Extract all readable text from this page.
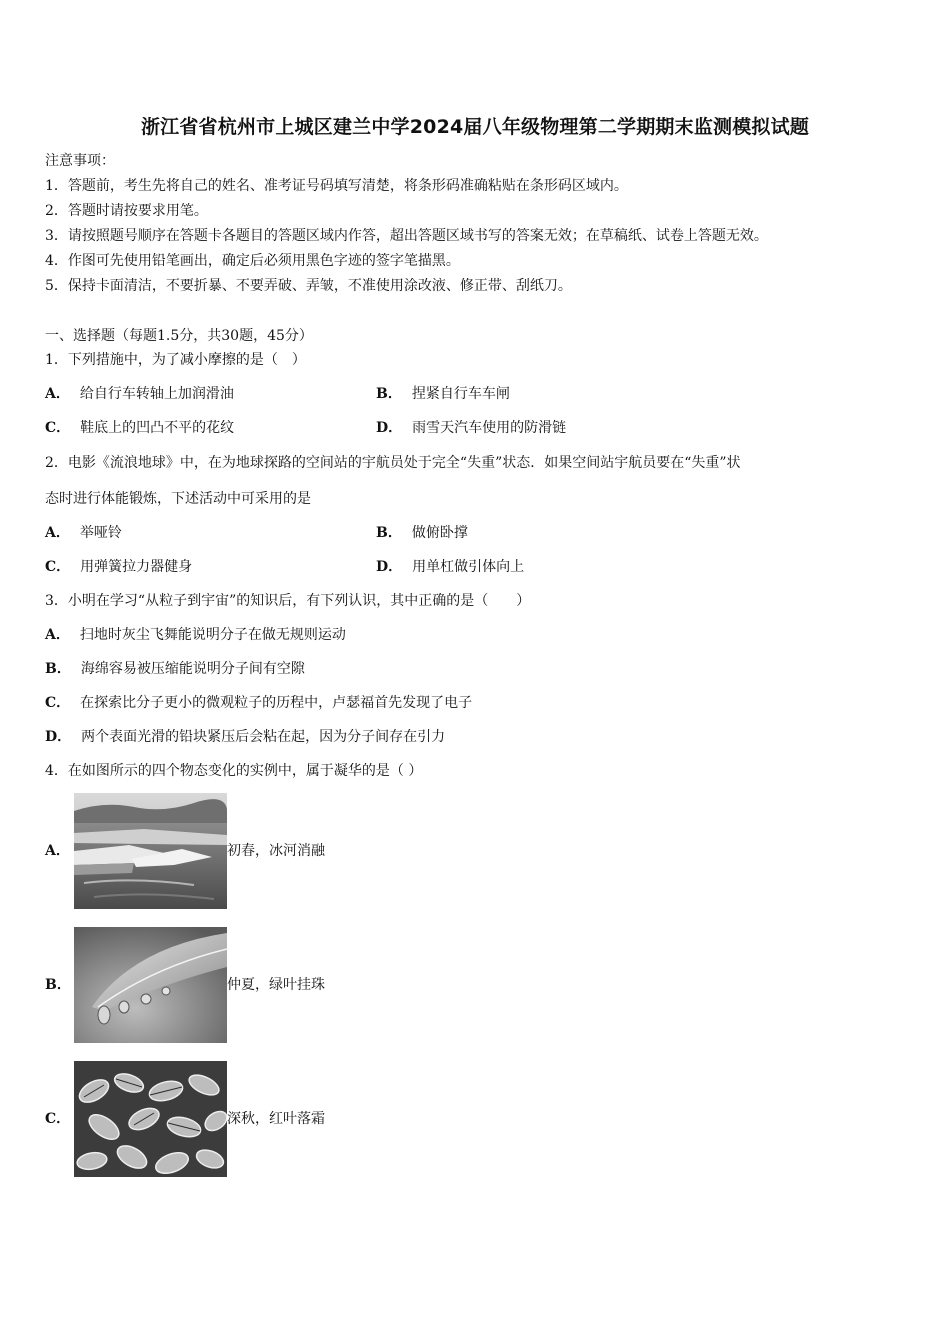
浙江省省杭州市上城区建兰中学2024届八年级物理第二学期期末监测模拟试题
注意事项：
1．答题前，考生先将自己的姓名、准考证号码填写清楚，将条形码准确粘贴在条形码区域内。
2．答题时请按要求用笔。
3．请按照题号顺序在答题卡各题目的答题区域内作答，超出答题区域书写的答案无效；在草稿纸、试卷上答题无效。
4．作图可先使用铅笔画出，确定后必须用黑色字迹的签字笔描黑。
5．保持卡面清洁，不要折暴、不要弄破、弄皱，不准使用涂改液、修正带、刮纸刀。
一、选择题（每题1.5分，共30题，45分）
1．下列措施中，为了减小摩擦的是（　）
A． 给自行车转轴上加润滑油	B． 捏紧自行车车闸
C． 鞋底上的凹凸不平的花纹	D． 雨雪天汽车使用的防滑链
2．电影《流浪地球》中，在为地球探路的空间站的宇航员处于完全“失重”状态．如果空间站宇航员要在“失重”状
态时进行体能锻炼，下述活动中可采用的是
A． 举哑铃	B． 做俯卧撑
C． 用弹簧拉力器健身	D． 用单杠做引体向上
3．小明在学习“从粒子到宇宙”的知识后，有下列认识，其中正确的是（　　）
A． 扫地时灰尘飞舞能说明分子在做无规则运动
B． 海绵容易被压缩能说明分子间有空隙
C． 在探索比分子更小的微观粒子的历程中，卢瑟福首先发现了电子
D． 两个表面光滑的铅块紧压后会粘在起，因为分子间存在引力
4．在如图所示的四个物态变化的实例中，属于凝华的是（ ）
A．	初春，冰河消融
B．	仲夏，绿叶挂珠
C．	深秋，红叶落霜
